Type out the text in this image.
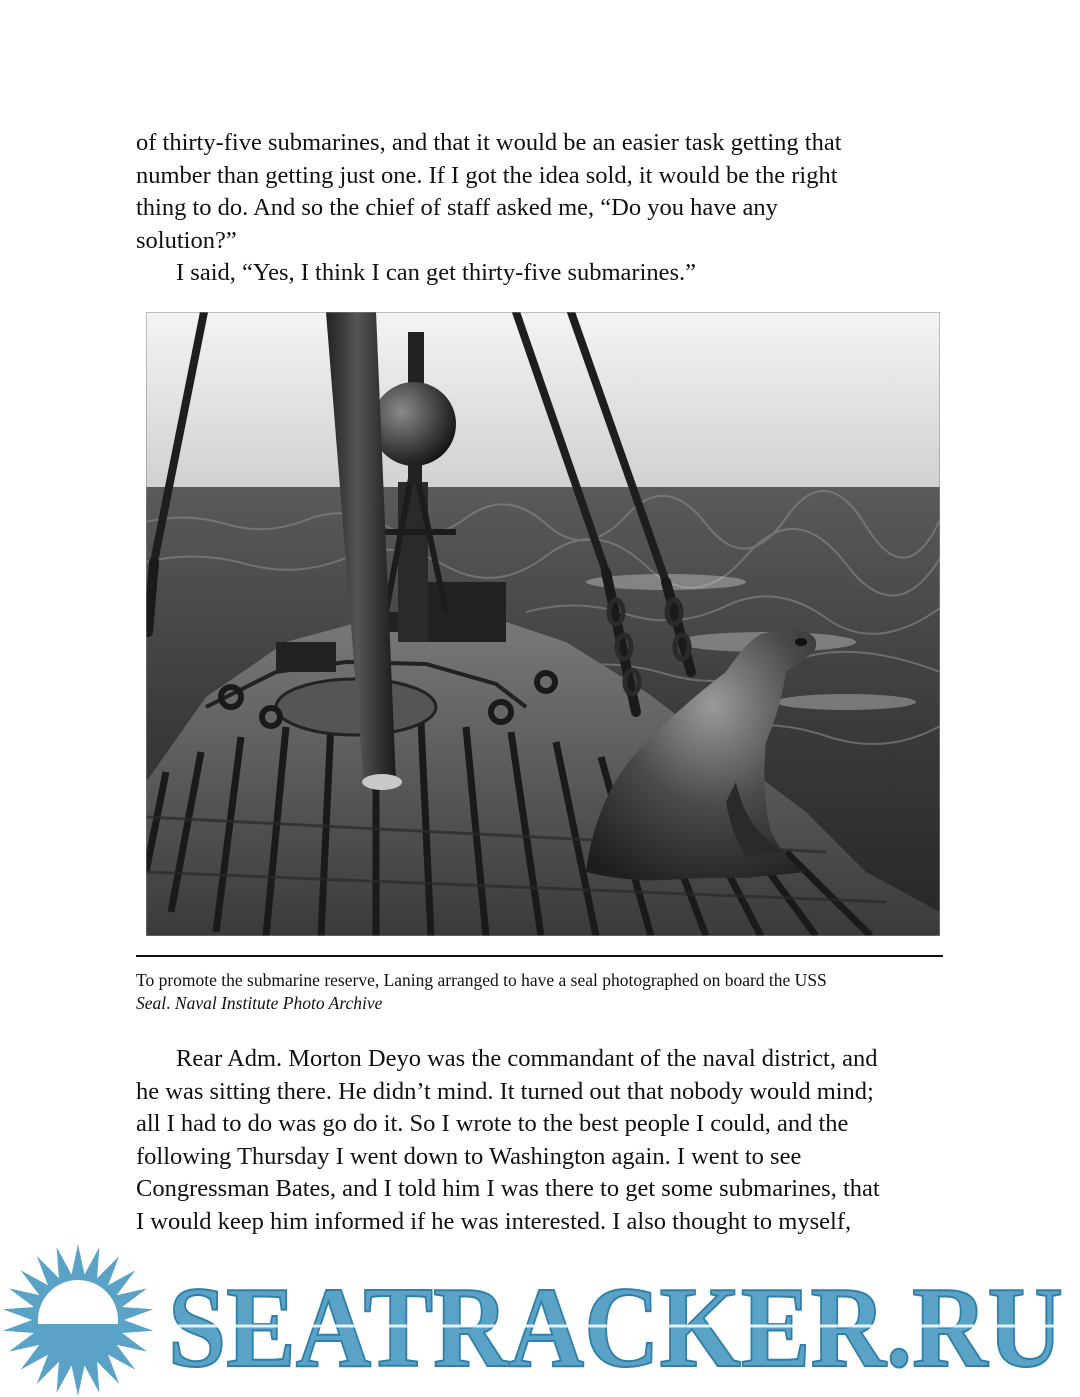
of thirty-five submarines, and that it would be an easier task getting that
number than getting just one. If I got the idea sold, it would be the right
thing to do. And so the chief of staff asked me, “Do you have any
solution?”
I said, “Yes, I think I can get thirty-five submarines.”

To promote the submarine reserve, Laning arranged to have a seal photographed on board the USS
Seal. Naval Institute Photo Archive

Rear Adm. Morton Deyo was the commandant of the naval district, and
he was sitting there. He didn’t mind. It turned out that nobody would mind;
all I had to do was go do it. So I wrote to the best people I could, and the
following Thursday I went down to Washington again. I went to see
Congressman Bates, and I told him I was there to get some submarines, that
I would keep him informed if he was interested. I also thought to myself,

SEATRACKER.RU
